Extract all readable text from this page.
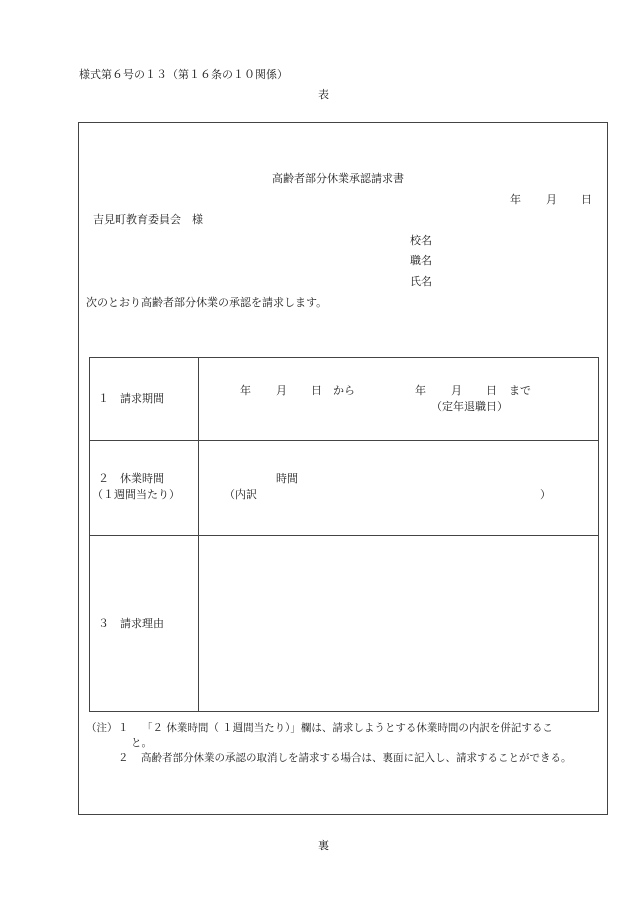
様式第６号の１３（第１６条の１０関係）
表
高齢者部分休業承認請求書
年 月 日
吉見町教育委員会　様
校名
職名
氏名
次のとおり高齢者部分休業の承認を請求します。
１　請求期間
年 月 日 から	年 月 日 まで
（定年退職日）
２　休業時間
（１週間当たり）
時間
（内訳	）
３　請求理由
（注） １ 「２ 休業時間（ １週間当たり）」欄は、請求しようとする休業時間の内訳を併記するこ
と。
２ 高齢者部分休業の承認の取消しを請求する場合は、裏面に記入し、請求することができる。
裏
